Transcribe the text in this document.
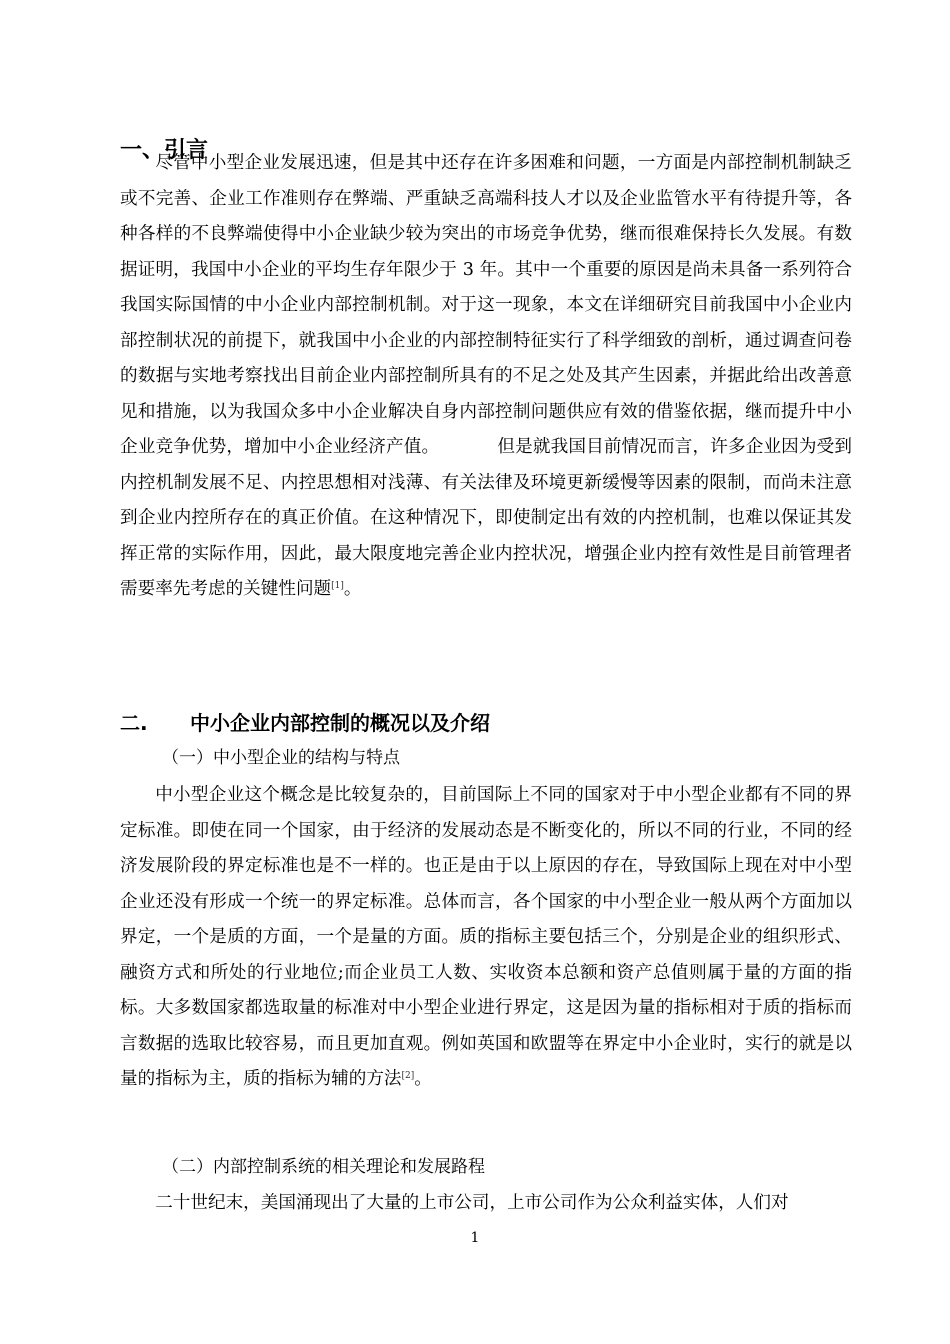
一、引言

尽管中小型企业发展迅速，但是其中还存在许多困难和问题，一方面是内部控制机制缺乏或不完善、企业工作准则存在弊端、严重缺乏高端科技人才以及企业监管水平有待提升等，各种各样的不良弊端使得中小企业缺少较为突出的市场竞争优势，继而很难保持长久发展。有数据证明，我国中小企业的平均生存年限少于 3 年。其中一个重要的原因是尚未具备一系列符合我国实际国情的中小企业内部控制机制。对于这一现象，本文在详细研究目前我国中小企业内部控制状况的前提下，就我国中小企业的内部控制特征实行了科学细致的剖析，通过调查问卷的数据与实地考察找出目前企业内部控制所具有的不足之处及其产生因素，并据此给出改善意见和措施，以为我国众多中小企业解决自身内部控制问题供应有效的借鉴依据，继而提升中小企业竞争优势，增加中小企业经济产值。	但是就我国目前情况而言，许多企业因为受到内控机制发展不足、内控思想相对浅薄、有关法律及环境更新缓慢等因素的限制，而尚未注意到企业内控所存在的真正价值。在这种情况下，即使制定出有效的内控机制，也难以保证其发挥正常的实际作用，因此，最大限度地完善企业内控状况，增强企业内控有效性是目前管理者需要率先考虑的关键性问题[1]。

二. 中小企业内部控制的概况以及介绍

（一）中小型企业的结构与特点

中小型企业这个概念是比较复杂的，目前国际上不同的国家对于中小型企业都有不同的界定标准。即使在同一个国家，由于经济的发展动态是不断变化的，所以不同的行业，不同的经济发展阶段的界定标准也是不一样的。也正是由于以上原因的存在，导致国际上现在对中小型企业还没有形成一个统一的界定标准。总体而言，各个国家的中小型企业一般从两个方面加以界定，一个是质的方面，一个是量的方面。质的指标主要包括三个，分别是企业的组织形式、融资方式和所处的行业地位;而企业员工人数、实收资本总额和资产总值则属于量的方面的指标。大多数国家都选取量的标准对中小型企业进行界定，这是因为量的指标相对于质的指标而言数据的选取比较容易，而且更加直观。例如英国和欧盟等在界定中小企业时，实行的就是以量的指标为主，质的指标为辅的方法[2]。

（二）内部控制系统的相关理论和发展路程

二十世纪末，美国涌现出了大量的上市公司，上市公司作为公众利益实体，人们对

1
